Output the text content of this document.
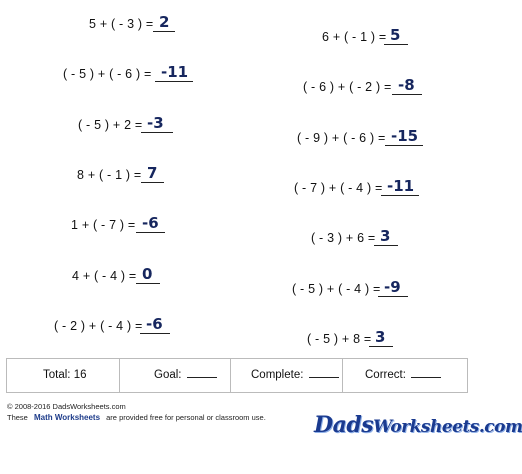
5 + ( - 3 ) = 2
( - 5 ) + ( - 6 ) = -11
( - 5 ) + 2 = -3
8 + ( - 1 ) = 7
1 + ( - 7 ) = -6
4 + ( - 4 ) = 0
( - 2 ) + ( - 4 ) = -6
6 + ( - 1 ) = 5
( - 6 ) + ( - 2 ) = -8
( - 9 ) + ( - 6 ) = -15
( - 7 ) + ( - 4 ) = -11
( - 3 ) + 6 = 3
( - 5 ) + ( - 4 ) = -9
( - 5 ) + 8 = 3
Total: 16	Goal:	Complete:	Correct:
© 2008-2016 DadsWorksheets.com
These Math Worksheets are provided free for personal or classroom use. DadsWorksheets.com
